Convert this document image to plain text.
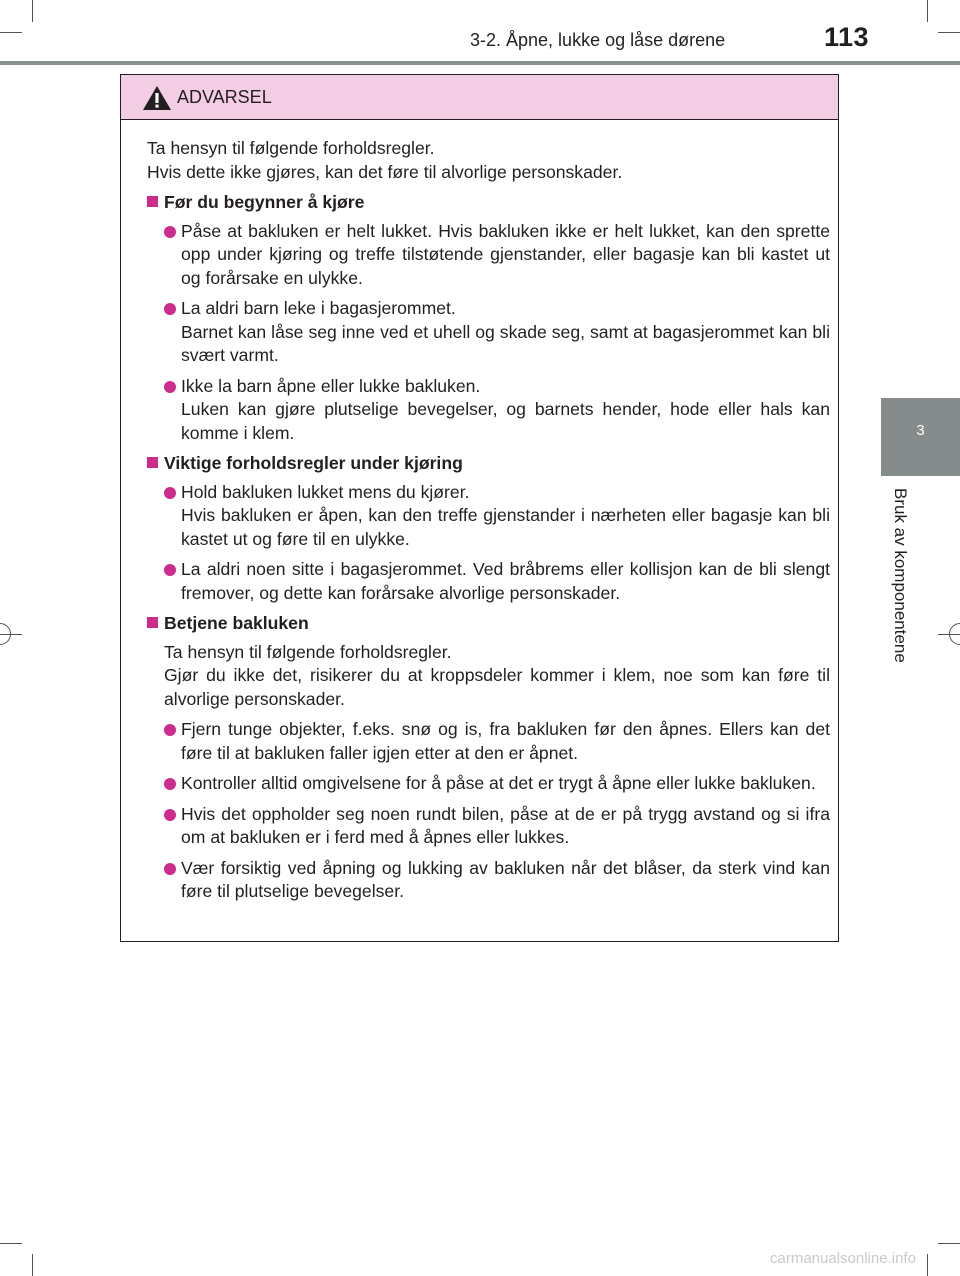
3-2. Åpne, lukke og låse dørene	113
3
Bruk av komponentene
ADVARSEL
Ta hensyn til følgende forholdsregler.
Hvis dette ikke gjøres, kan det føre til alvorlige personskader.
Før du begynner å kjøre
Påse at bakluken er helt lukket. Hvis bakluken ikke er helt lukket, kan den sprette opp under kjøring og treffe tilstøtende gjenstander, eller bagasje kan bli kastet ut og forårsake en ulykke.
La aldri barn leke i bagasjerommet.
Barnet kan låse seg inne ved et uhell og skade seg, samt at bagasjerommet kan bli svært varmt.
Ikke la barn åpne eller lukke bakluken.
Luken kan gjøre plutselige bevegelser, og barnets hender, hode eller hals kan komme i klem.
Viktige forholdsregler under kjøring
Hold bakluken lukket mens du kjører.
Hvis bakluken er åpen, kan den treffe gjenstander i nærheten eller bagasje kan bli kastet ut og føre til en ulykke.
La aldri noen sitte i bagasjerommet. Ved bråbrems eller kollisjon kan de bli slengt fremover, og dette kan forårsake alvorlige personskader.
Betjene bakluken
Ta hensyn til følgende forholdsregler.
Gjør du ikke det, risikerer du at kroppsdeler kommer i klem, noe som kan føre til alvorlige personskader.
Fjern tunge objekter, f.eks. snø og is, fra bakluken før den åpnes. Ellers kan det føre til at bakluken faller igjen etter at den er åpnet.
Kontroller alltid omgivelsene for å påse at det er trygt å åpne eller lukke bakluken.
Hvis det oppholder seg noen rundt bilen, påse at de er på trygg avstand og si ifra om at bakluken er i ferd med å åpnes eller lukkes.
Vær forsiktig ved åpning og lukking av bakluken når det blåser, da sterk vind kan føre til plutselige bevegelser.
carmanualsonline.info
